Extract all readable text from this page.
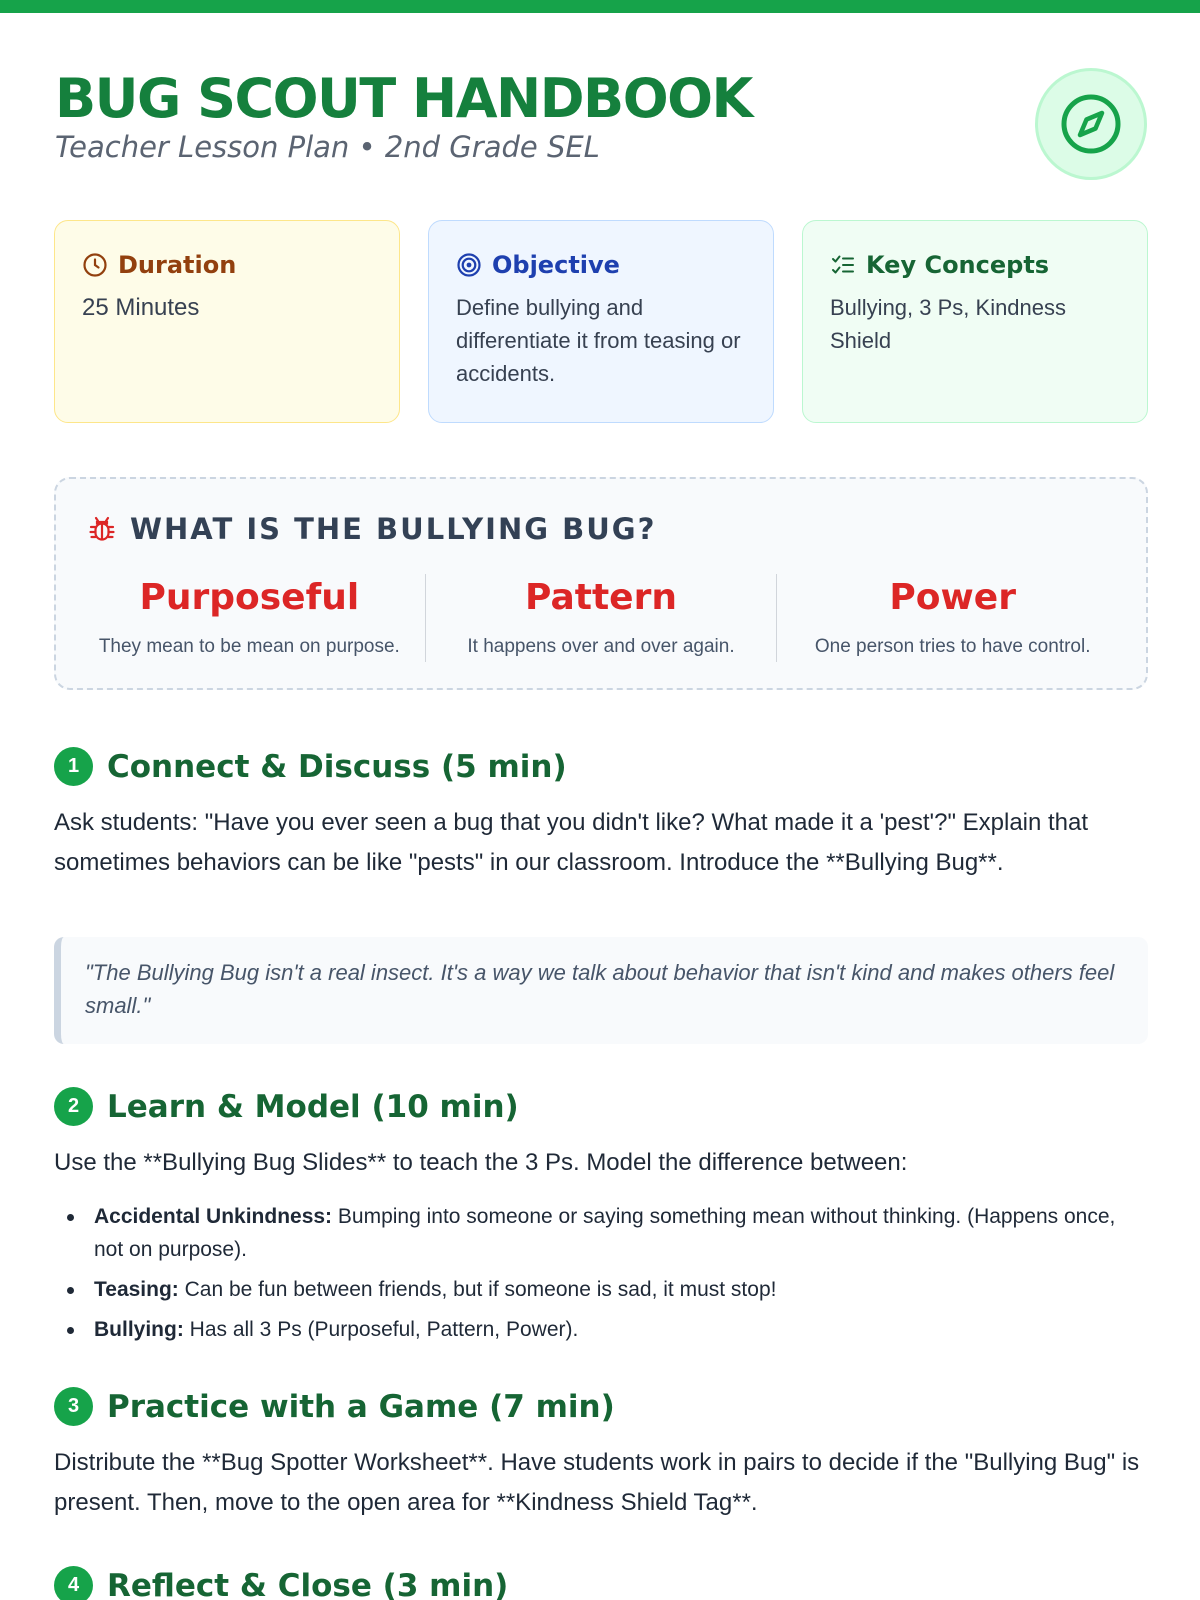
BUG SCOUT HANDBOOK
Teacher Lesson Plan • 2nd Grade SEL
Duration
25 Minutes
Objective
Define bullying and differentiate it from teasing or accidents.
Key Concepts
Bullying, 3 Ps, Kindness Shield
WHAT IS THE BULLYING BUG?
Purposeful
They mean to be mean on purpose.
Pattern
It happens over and over again.
Power
One person tries to have control.
1 Connect & Discuss (5 min)

Ask students: "Have you ever seen a bug that you didn't like? What made it a 'pest'?" Explain that sometimes behaviors can be like "pests" in our classroom. Introduce the **Bullying Bug**.

"The Bullying Bug isn't a real insect. It's a way we talk about behavior that isn't kind and makes others feel small."
2 Learn & Model (10 min)

Use the **Bullying Bug Slides** to teach the 3 Ps. Model the difference between:

Accidental Unkindness: Bumping into someone or saying something mean without thinking. (Happens once, not on purpose).
Teasing: Can be fun between friends, but if someone is sad, it must stop!
Bullying: Has all 3 Ps (Purposeful, Pattern, Power).
3 Practice with a Game (7 min)

Distribute the **Bug Spotter Worksheet**. Have students work in pairs to decide if the "Bullying Bug" is present. Then, move to the open area for **Kindness Shield Tag**.

4 Reflect & Close (3 min)
